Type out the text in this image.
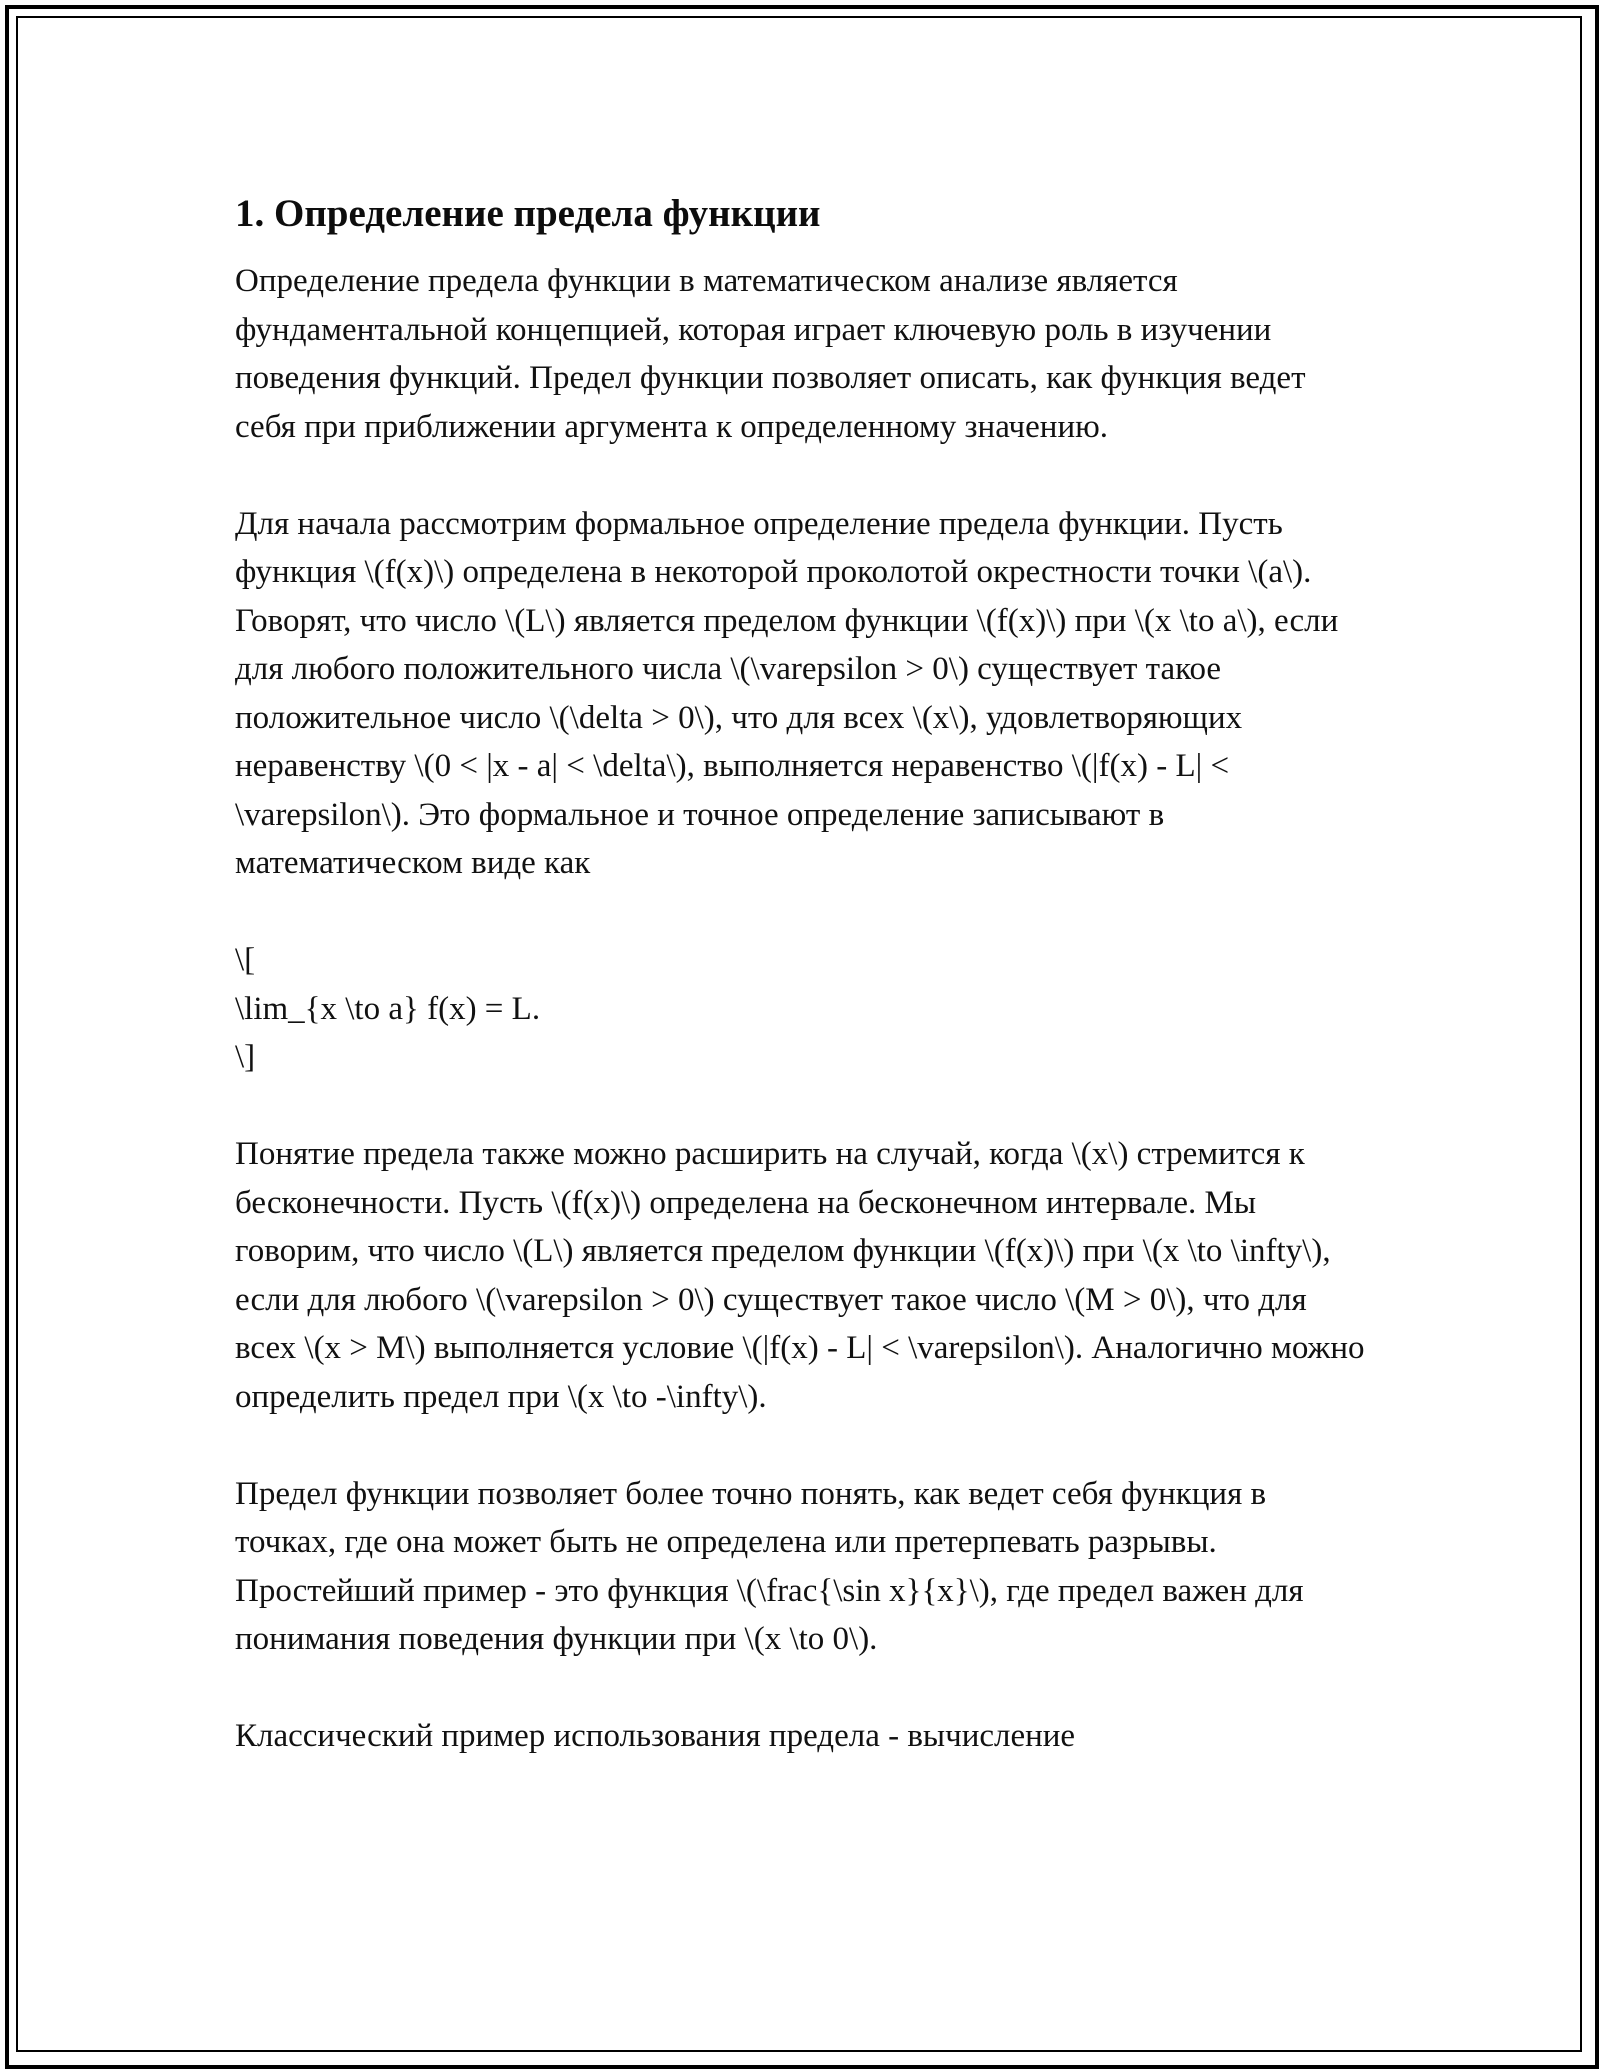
1. Определение предела функции

Определение предела функции в математическом анализе является фундаментальной концепцией, которая играет ключевую роль в изучении поведения функций. Предел функции позволяет описать, как функция ведет себя при приближении аргумента к определенному значению.

Для начала рассмотрим формальное определение предела функции. Пусть функция \(f(x)\) определена в некоторой проколотой окрестности точки \(a\). Говорят, что число \(L\) является пределом функции \(f(x)\) при \(x \to a\), если для любого положительного числа \(\varepsilon > 0\) существует такое положительное число \(\delta > 0\), что для всех \(x\), удовлетворяющих неравенству \(0 < |x - a| < \delta\), выполняется неравенство \(|f(x) - L| < \varepsilon\). Это формальное и точное определение записывают в математическом виде как

\[
\lim_{x \to a} f(x) = L.
\]

Понятие предела также можно расширить на случай, когда \(x\) стремится к бесконечности. Пусть \(f(x)\) определена на бесконечном интервале. Мы говорим, что число \(L\) является пределом функции \(f(x)\) при \(x \to \infty\), если для любого \(\varepsilon > 0\) существует такое число \(M > 0\), что для всех \(x > M\) выполняется условие \(|f(x) - L| < \varepsilon\). Аналогично можно определить предел при \(x \to -\infty\).

Предел функции позволяет более точно понять, как ведет себя функция в точках, где она может быть не определена или претерпевать разрывы. Простейший пример - это функция \(\frac{\sin x}{x}\), где предел важен для понимания поведения функции при \(x \to 0\).

Классический пример использования предела - вычисление
